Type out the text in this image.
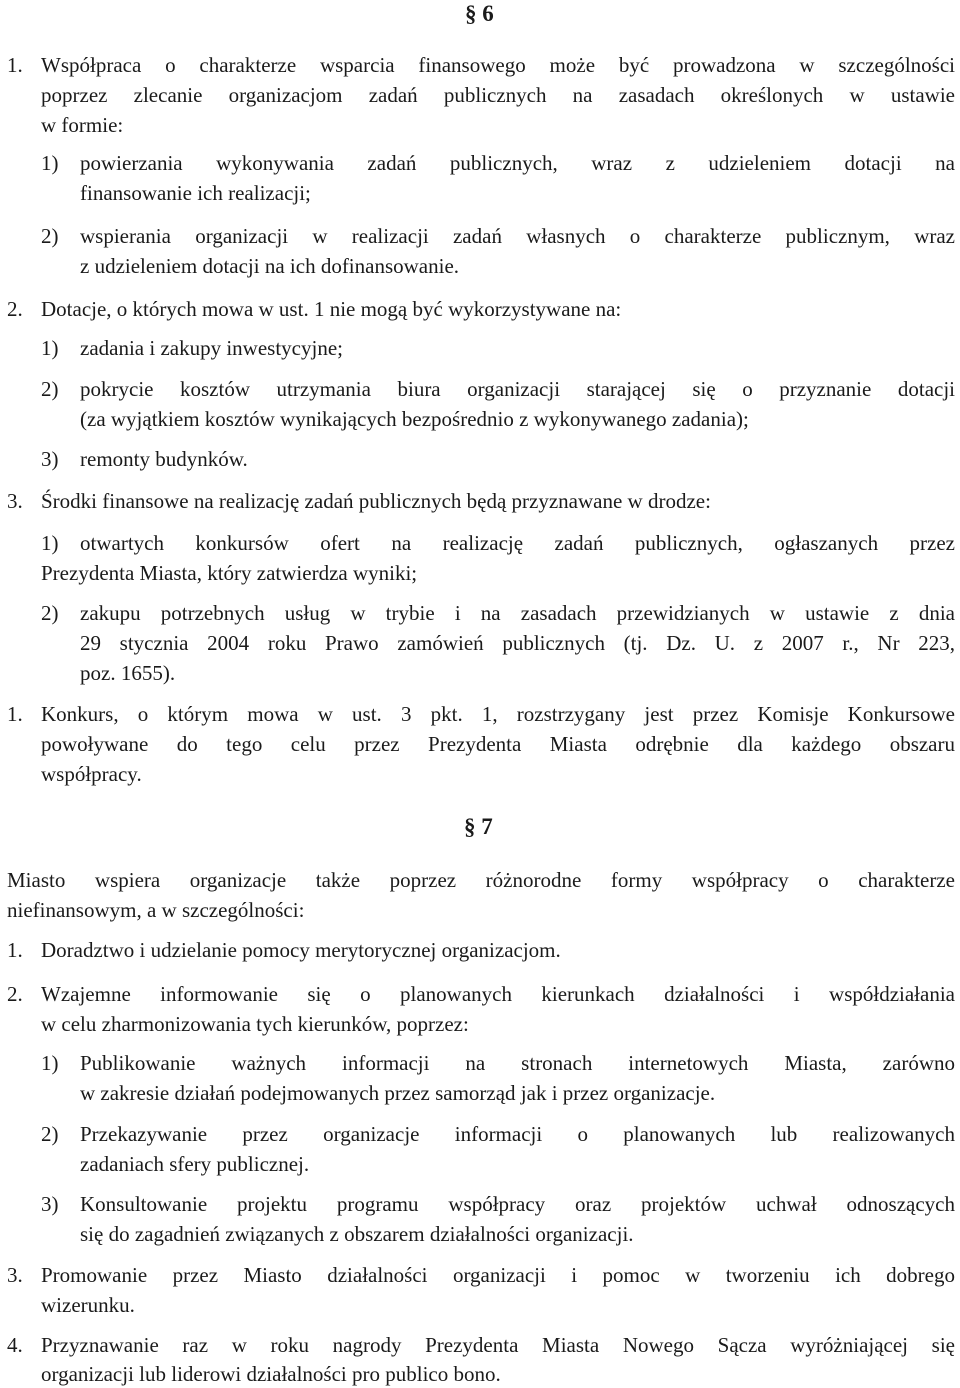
§ 6
1. Współpraca o charakterze wsparcia finansowego może być prowadzona w szczególności
poprzez zlecanie organizacjom zadań publicznych na zasadach określonych w ustawie
w formie:
1) powierzania wykonywania zadań publicznych, wraz z udzieleniem dotacji na
finansowanie ich realizacji;
2) wspierania organizacji w realizacji zadań własnych o charakterze publicznym, wraz
z udzieleniem dotacji na ich dofinansowanie.
2. Dotacje, o których mowa w ust. 1 nie mogą być wykorzystywane na:
1) zadania i zakupy inwestycyjne;
2) pokrycie kosztów utrzymania biura organizacji starającej się o przyznanie dotacji
(za wyjątkiem kosztów wynikających bezpośrednio z wykonywanego zadania);
3) remonty budynków.
3. Środki finansowe na realizację zadań publicznych będą przyznawane w drodze:
1) otwartych konkursów ofert na realizację zadań publicznych, ogłaszanych przez
Prezydenta Miasta, który zatwierdza wyniki;
2) zakupu potrzebnych usług w trybie i na zasadach przewidzianych w ustawie z dnia
29 stycznia 2004 roku Prawo zamówień publicznych (tj. Dz. U. z 2007 r., Nr 223,
poz. 1655).
1. Konkurs, o którym mowa w ust. 3 pkt. 1, rozstrzygany jest przez Komisje Konkursowe
powoływane do tego celu przez Prezydenta Miasta odrębnie dla każdego obszaru
współpracy.
§ 7
Miasto wspiera organizacje także poprzez różnorodne formy współpracy o charakterze
niefinansowym, a w szczególności:
1. Doradztwo i udzielanie pomocy merytorycznej organizacjom.
2. Wzajemne informowanie się o planowanych kierunkach działalności i współdziałania
w celu zharmonizowania tych kierunków, poprzez:
1) Publikowanie ważnych informacji na stronach internetowych Miasta, zarówno
w zakresie działań podejmowanych przez samorząd jak i przez organizacje.
2) Przekazywanie przez organizacje informacji o planowanych lub realizowanych
zadaniach sfery publicznej.
3) Konsultowanie projektu programu współpracy oraz projektów uchwał odnoszących
się do zagadnień związanych z obszarem działalności organizacji.
3. Promowanie przez Miasto działalności organizacji i pomoc w tworzeniu ich dobrego
wizerunku.
4. Przyznawanie raz w roku nagrody Prezydenta Miasta Nowego Sącza wyróżniającej się
organizacji lub liderowi działalności pro publico bono.
